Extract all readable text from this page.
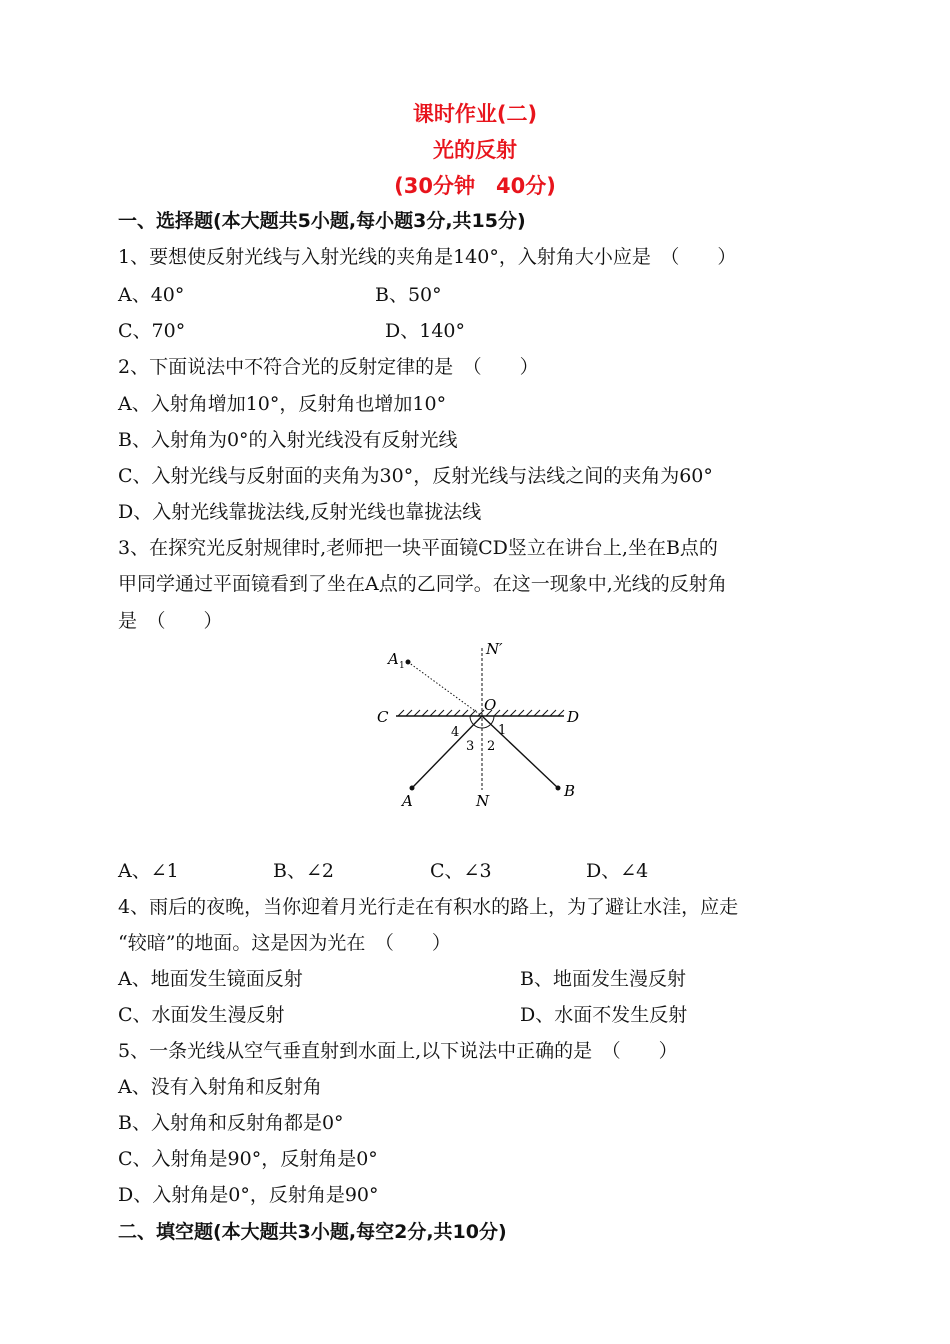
课时作业(二)
光的反射
(30分钟　40分)
一、选择题(本大题共5小题,每小题3分,共15分)
1、要想使反射光线与入射光线的夹角是140°，入射角大小应是　（　　）
A、40°	B、50°
C、70°	D、140°
2、下面说法中不符合光的反射定律的是　（　　）
A、入射角增加10°，反射角也增加10°
B、入射角为0°的入射光线没有反射光线
C、入射光线与反射面的夹角为30°，反射光线与法线之间的夹角为60°
D、入射光线靠拢法线,反射光线也靠拢法线
3、在探究光反射规律时,老师把一块平面镜CD竖立在讲台上,坐在B点的
甲同学通过平面镜看到了坐在A点的乙同学。在这一现象中,光线的反射角
是　（　　）
A 1
N′
O
C	D
1
2
3
4
A	N
B
A、∠1	B、∠2	C、∠3	D、∠4
4、雨后的夜晚，当你迎着月光行走在有积水的路上，为了避让水洼，应走
“较暗”的地面。这是因为光在　（　　）
A、地面发生镜面反射	B、地面发生漫反射
C、水面发生漫反射	D、水面不发生反射
5、一条光线从空气垂直射到水面上,以下说法中正确的是　（　　）
A、没有入射角和反射角
B、入射角和反射角都是0°
C、入射角是90°，反射角是0°
D、入射角是0°，反射角是90°
二、填空题(本大题共3小题,每空2分,共10分)
